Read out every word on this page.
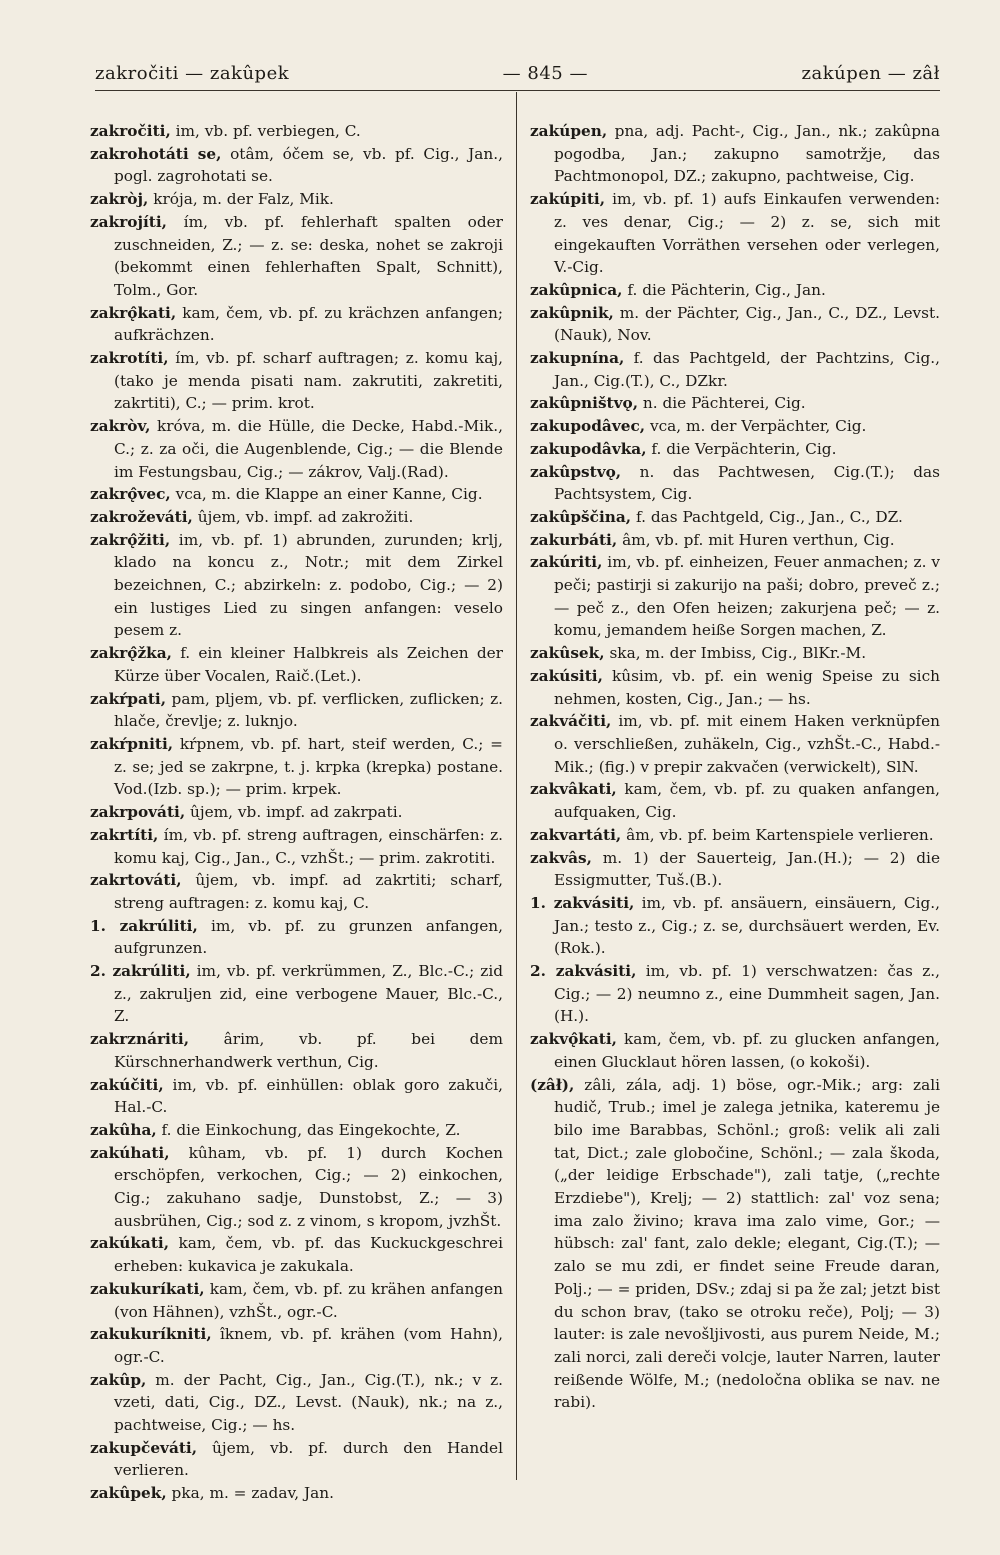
zakročiti — zakûpek	— 845 —	zakúpen — zâł

zakročiti, im, vb. pf. verbiegen, C.

zakrohotáti se, otâm, óčem se, vb. pf. Cig., Jan., pogl. zagrohotati se.

zakròj, krója, m. der Falz, Mik.

zakrojíti, ím, vb. pf. fehlerhaft spalten oder zuschneiden, Z.; — z. se: deska, nohet se zakroji (bekommt einen fehlerhaften Spalt, Schnitt), Tolm., Gor.

zakrǫ̂kati, kam, čem, vb. pf. zu krächzen anfangen; aufkrächzen.

zakrotíti, ím, vb. pf. scharf auftragen; z. komu kaj, (tako je menda pisati nam. zakrutiti, zakretiti, zakrtiti), C.; — prim. krot.

zakròv, króva, m. die Hülle, die Decke, Habd.-Mik., C.; z. za oči, die Augenblende, Cig.; — die Blende im Festungsbau, Cig.; — zákrov, Valj.(Rad).

zakrǫ̂vec, vca, m. die Klappe an einer Kanne, Cig.

zakroževáti, ûjem, vb. impf. ad zakrožiti.

zakrǫ̂žiti, im, vb. pf. 1) abrunden, zurunden; krlj, klado na koncu z., Notr.; mit dem Zirkel bezeichnen, C.; abzirkeln: z. podobo, Cig.; — 2) ein lustiges Lied zu singen anfangen: veselo pesem z.

zakrǫ̂žka, f. ein kleiner Halbkreis als Zeichen der Kürze über Vocalen, Raič.(Let.).

zakŕpati, pam, pljem, vb. pf. verflicken, zuflicken; z. hlače, črevlje; z. luknjo.

zakŕpniti, kŕpnem, vb. pf. hart, steif werden, C.; = z. se; jed se zakrpne, t. j. krpka (krepka) postane. Vod.(Izb. sp.); — prim. krpek.

zakrpováti, ûjem, vb. impf. ad zakrpati.

zakrtíti, ím, vb. pf. streng auftragen, einschärfen: z. komu kaj, Cig., Jan., C., vzhŠt.; — prim. zakrotiti.

zakrtováti, ûjem, vb. impf. ad zakrtiti; scharf, streng auftragen: z. komu kaj, C.

1. zakrúliti, im, vb. pf. zu grunzen anfangen, aufgrunzen.

2. zakrúliti, im, vb. pf. verkrümmen, Z., Blc.-C.; zid z., zakruljen zid, eine verbogene Mauer, Blc.-C., Z.

zakrznáriti, ârim, vb. pf. bei dem Kürschnerhandwerk verthun, Cig.

zakúčiti, im, vb. pf. einhüllen: oblak goro zakuči, Hal.-C.

zakûha, f. die Einkochung, das Eingekochte, Z.

zakúhati, kûham, vb. pf. 1) durch Kochen erschöpfen, verkochen, Cig.; — 2) einkochen, Cig.; zakuhano sadje, Dunstobst, Z.; — 3) ausbrühen, Cig.; sod z. z vinom, s kropom, jvzhŠt.

zakúkati, kam, čem, vb. pf. das Kuckuckgeschrei erheben: kukavica je zakukala.

zakukuríkati, kam, čem, vb. pf. zu krähen anfangen (von Hähnen), vzhŠt., ogr.-C.

zakukuríkniti, îknem, vb. pf. krähen (vom Hahn), ogr.-C.

zakûp, m. der Pacht, Cig., Jan., Cig.(T.), nk.; v z. vzeti, dati, Cig., DZ., Levst. (Nauk), nk.; na z., pachtweise, Cig.; — hs.

zakupčeváti, ûjem, vb. pf. durch den Handel verlieren.

zakûpek, pka, m. = zadav, Jan.

zakúpen, pna, adj. Pacht-, Cig., Jan., nk.; zakûpna pogodba, Jan.; zakupno samotržje, das Pachtmonopol, DZ.; zakupno, pachtweise, Cig.

zakúpiti, im, vb. pf. 1) aufs Einkaufen verwenden: z. ves denar, Cig.; — 2) z. se, sich mit eingekauften Vorräthen versehen oder verlegen, V.-Cig.

zakûpnica, f. die Pächterin, Cig., Jan.

zakûpnik, m. der Pächter, Cig., Jan., C., DZ., Levst.(Nauk), Nov.

zakupnína, f. das Pachtgeld, der Pachtzins, Cig., Jan., Cig.(T.), C., DZkr.

zakûpništvǫ, n. die Pächterei, Cig.

zakupodâvec, vca, m. der Verpächter, Cig.

zakupodâvka, f. die Verpächterin, Cig.

zakûpstvǫ, n. das Pachtwesen, Cig.(T.); das Pachtsystem, Cig.

zakûpščina, f. das Pachtgeld, Cig., Jan., C., DZ.

zakurbáti, âm, vb. pf. mit Huren verthun, Cig.

zakúriti, im, vb. pf. einheizen, Feuer anmachen; z. v peči; pastirji si zakurijo na paši; dobro, preveč z.; — peč z., den Ofen heizen; zakurjena peč; — z. komu, jemandem heiße Sorgen machen, Z.

zakûsek, ska, m. der Imbiss, Cig., BlKr.-M.

zakúsiti, kûsim, vb. pf. ein wenig Speise zu sich nehmen, kosten, Cig., Jan.; — hs.

zakváčiti, im, vb. pf. mit einem Haken verknüpfen o. verschließen, zuhäkeln, Cig., vzhŠt.-C., Habd.-Mik.; (fig.) v prepir zakvačen (verwickelt), SlN.

zakvâkati, kam, čem, vb. pf. zu quaken anfangen, aufquaken, Cig.

zakvartáti, âm, vb. pf. beim Kartenspiele verlieren.

zakvâs, m. 1) der Sauerteig, Jan.(H.); — 2) die Essigmutter, Tuš.(B.).

1. zakvásiti, im, vb. pf. ansäuern, einsäuern, Cig., Jan.; testo z., Cig.; z. se, durchsäuert werden, Ev.(Rok.).

2. zakvásiti, im, vb. pf. 1) verschwatzen: čas z., Cig.; — 2) neumno z., eine Dummheit sagen, Jan.(H.).

zakvǫ̂kati, kam, čem, vb. pf. zu glucken anfangen, einen Glucklaut hören lassen, (o kokoši).

(zâł), zâli, zála, adj. 1) böse, ogr.-Mik.; arg: zali hudič, Trub.; imel je zalega jetnika, kateremu je bilo ime Barabbas, Schönl.; groß: velik ali zali tat, Dict.; zale globočine, Schönl.; — zala škoda, („der leidige Erbschade"), zali tatje, („rechte Erzdiebe"), Krelj; — 2) stattlich: zal' voz sena; ima zalo živino; krava ima zalo vime, Gor.; — hübsch: zal' fant, zalo dekle; elegant, Cig.(T.); — zalo se mu zdi, er findet seine Freude daran, Polj.; — = priden, DSv.; zdaj si pa že zal; jetzt bist du schon brav, (tako se otroku reče), Polj; — 3) lauter: is zale nevošljivosti, aus purem Neide, M.; zali norci, zali dereči volcje, lauter Narren, lauter reißende Wölfe, M.; (nedoločna oblika se nav. ne rabi).
